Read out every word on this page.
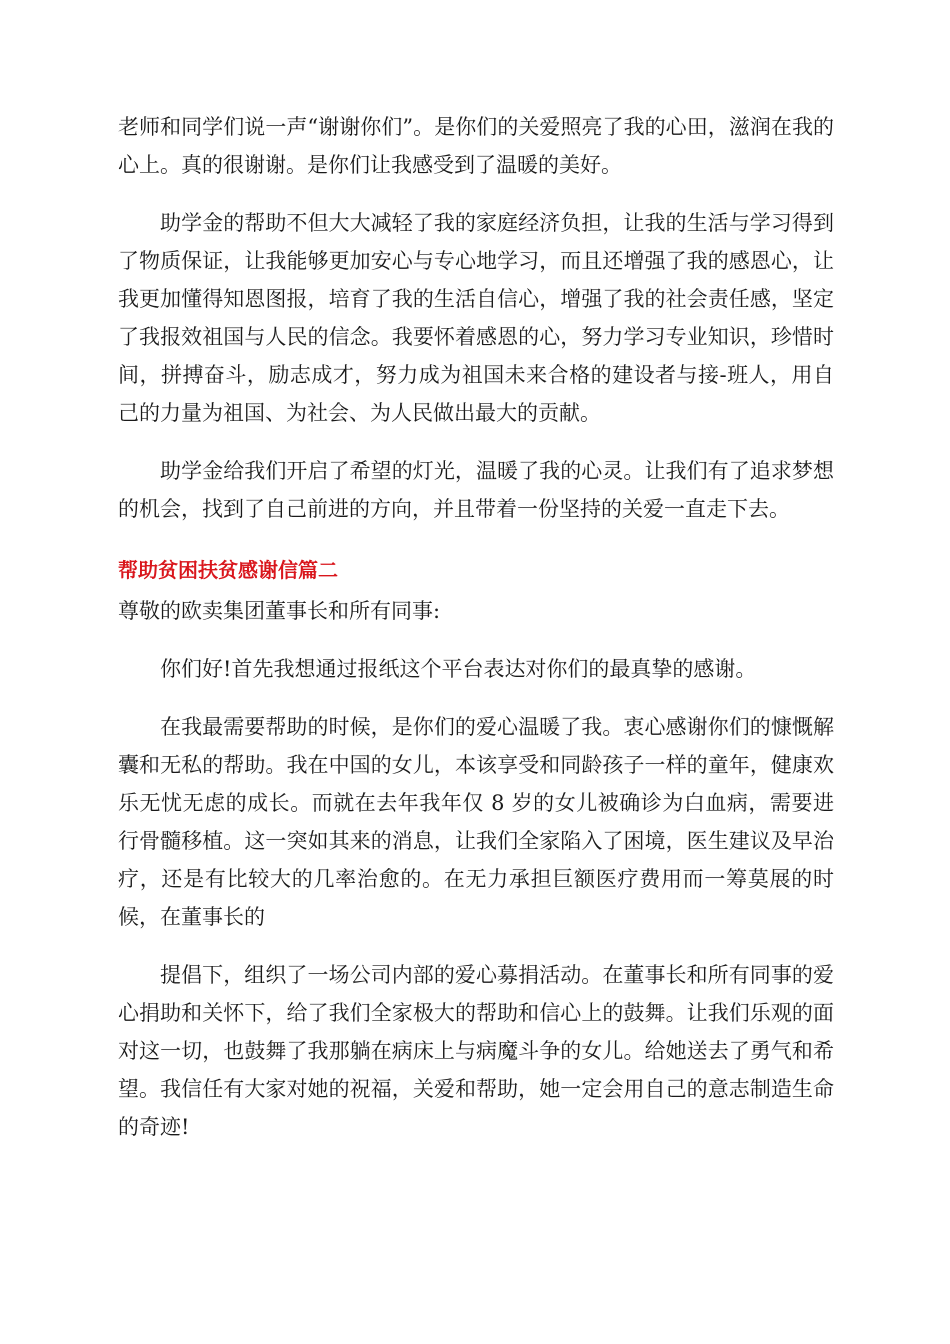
老师和同学们说一声“谢谢你们”。是你们的关爱照亮了我的心田，滋润在我的心上。真的很谢谢。是你们让我感受到了温暖的美好。

助学金的帮助不但大大减轻了我的家庭经济负担，让我的生活与学习得到了物质保证，让我能够更加安心与专心地学习，而且还增强了我的感恩心，让我更加懂得知恩图报，培育了我的生活自信心，增强了我的社会责任感，坚定了我报效祖国与人民的信念。我要怀着感恩的心，努力学习专业知识，珍惜时间，拼搏奋斗，励志成才，努力成为祖国未来合格的建设者与接-班人，用自己的力量为祖国、为社会、为人民做出最大的贡献。

助学金给我们开启了希望的灯光，温暖了我的心灵。让我们有了追求梦想的机会，找到了自己前进的方向，并且带着一份坚持的关爱一直走下去。

帮助贫困扶贫感谢信篇二

尊敬的欧卖集团董事长和所有同事:

你们好!首先我想通过报纸这个平台表达对你们的最真挚的感谢。

在我最需要帮助的时候，是你们的爱心温暖了我。衷心感谢你们的慷慨解囊和无私的帮助。我在中国的女儿，本该享受和同龄孩子一样的童年，健康欢乐无忧无虑的成长。而就在去年我年仅 8 岁的女儿被确诊为白血病，需要进行骨髓移植。这一突如其来的消息，让我们全家陷入了困境，医生建议及早治疗，还是有比较大的几率治愈的。在无力承担巨额医疗费用而一筹莫展的时候，在董事长的

提倡下，组织了一场公司内部的爱心募捐活动。在董事长和所有同事的爱心捐助和关怀下，给了我们全家极大的帮助和信心上的鼓舞。让我们乐观的面对这一切，也鼓舞了我那躺在病床上与病魔斗争的女儿。给她送去了勇气和希望。我信任有大家对她的祝福，关爱和帮助，她一定会用自己的意志制造生命的奇迹!
